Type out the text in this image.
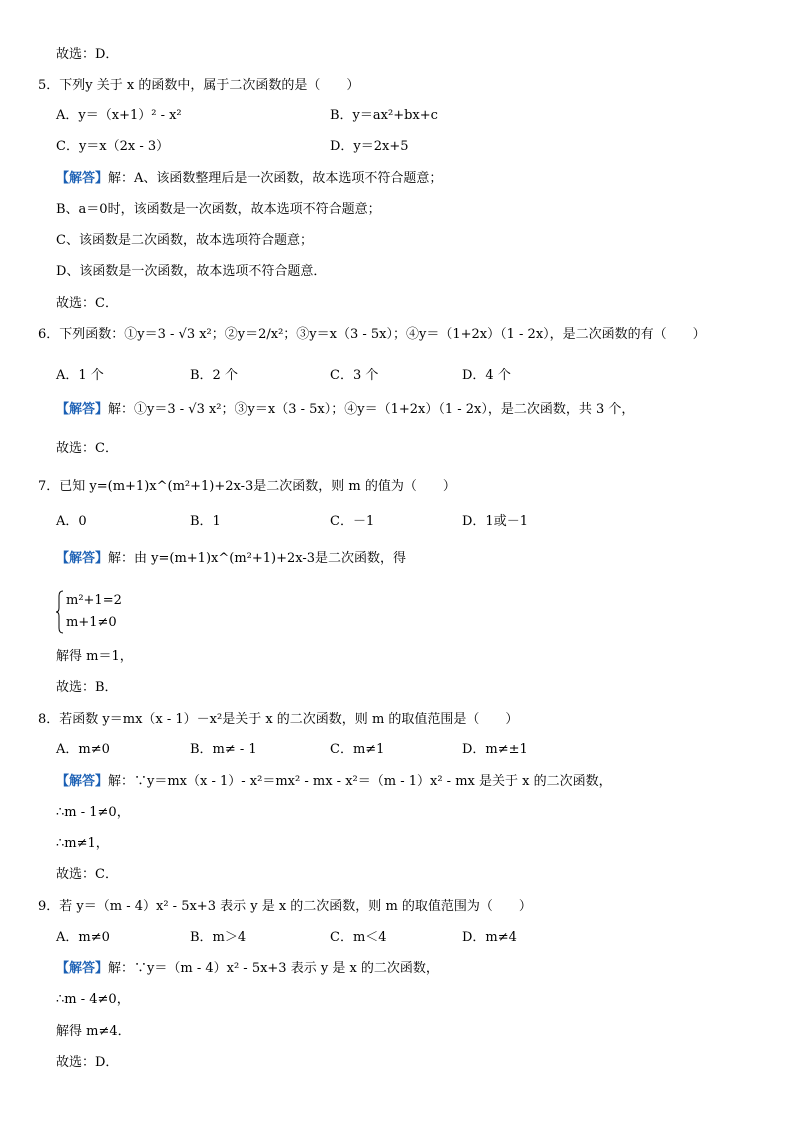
故选：D．
5．下列y 关于 x 的函数中，属于二次函数的是（　　）
A．y＝（x+1）² - x²	B．y＝ax²+bx+c
C．y＝x（2x - 3）	D．y＝2x+5
【解答】解：A、该函数整理后是一次函数，故本选项不符合题意；
B、a＝0时，该函数是一次函数，故本选项不符合题意；
C、该函数是二次函数，故本选项符合题意；
D、该函数是一次函数，故本选项不符合题意．
故选：C．
6．下列函数：①y＝3 - √3 x²；②y＝2/x²；③y＝x（3 - 5x）；④y＝（1+2x）（1 - 2x），是二次函数的有（　　）
A．1 个	B．2 个	C．3 个	D．4 个
【解答】解：①y＝3 - √3 x²；③y＝x（3 - 5x）；④y＝（1+2x）（1 - 2x），是二次函数，共 3 个，
故选：C．
7．已知 y=(m+1)x^(m²+1)+2x-3是二次函数，则 m 的值为（　　）
A．0	B．1	C．－1	D．1或－1
【解答】解：由 y=(m+1)x^(m²+1)+2x-3是二次函数，得
m²+1=2
m+1≠0
解得 m＝1，
故选：B．
8．若函数 y＝mx（x - 1）－x²是关于 x 的二次函数，则 m 的取值范围是（　　）
A．m≠0	B．m≠ - 1	C．m≠1	D．m≠±1
【解答】解：∵y＝mx（x - 1）- x²＝mx² - mx - x²＝（m - 1）x² - mx 是关于 x 的二次函数，
∴m - 1≠0，
∴m≠1，
故选：C．
9．若 y＝（m - 4）x² - 5x+3 表示 y 是 x 的二次函数，则 m 的取值范围为（　　）
A．m≠0	B．m＞4	C．m＜4	D．m≠4
【解答】解：∵y＝（m - 4）x² - 5x+3 表示 y 是 x 的二次函数，
∴m - 4≠0，
解得 m≠4．
故选：D．
